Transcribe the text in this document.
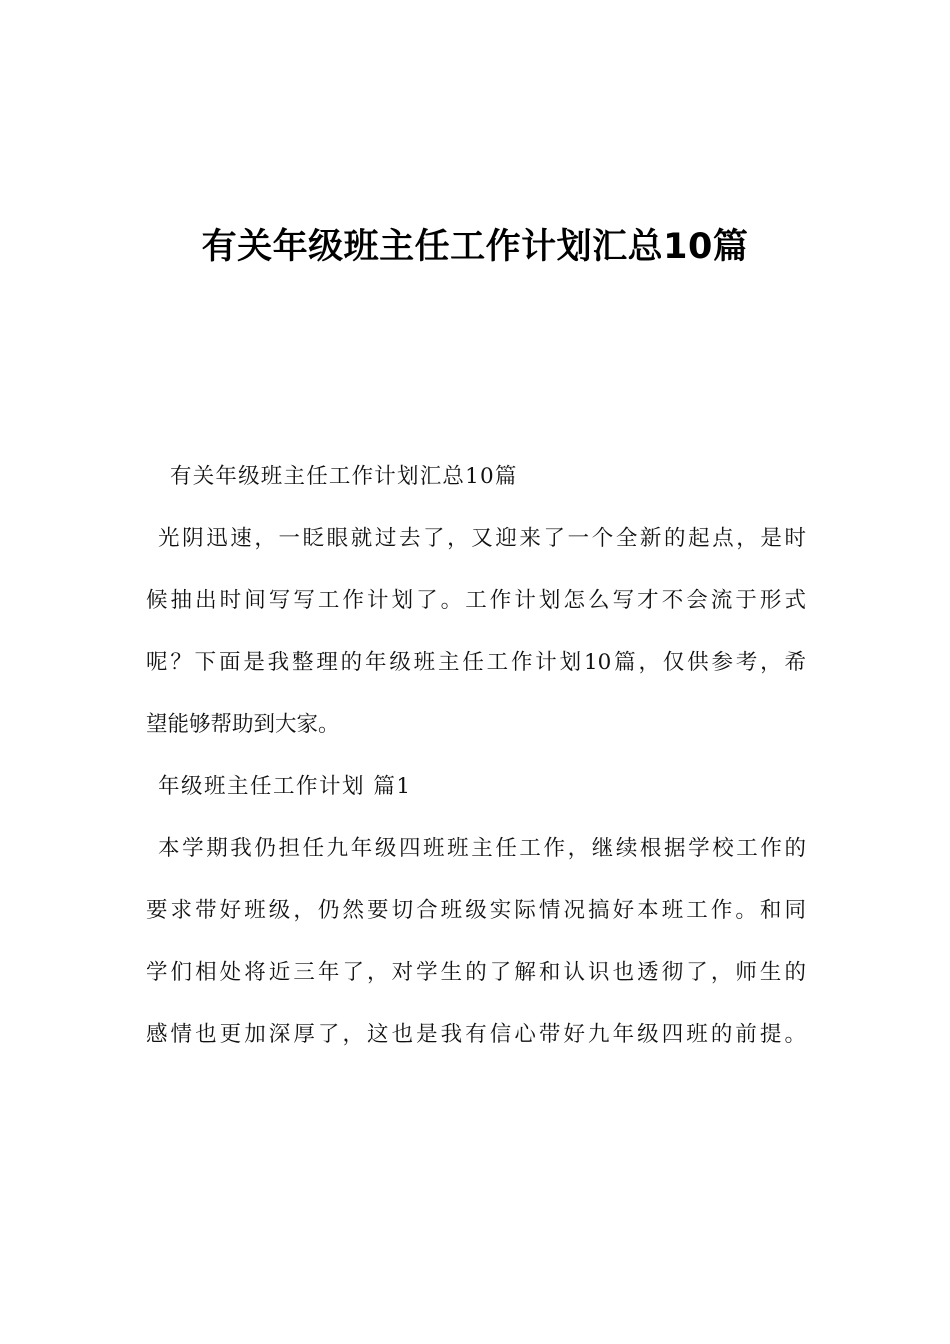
有关年级班主任工作计划汇总10篇
有关年级班主任工作计划汇总10篇
光阴迅速，一眨眼就过去了，又迎来了一个全新的起点，是时
候抽出时间写写工作计划了。工作计划怎么写才不会流于形式
呢？下面是我整理的年级班主任工作计划10篇，仅供参考，希
望能够帮助到大家。
年级班主任工作计划 篇1
本学期我仍担任九年级四班班主任工作，继续根据学校工作的
要求带好班级，仍然要切合班级实际情况搞好本班工作。和同
学们相处将近三年了，对学生的了解和认识也透彻了，师生的
感情也更加深厚了，这也是我有信心带好九年级四班的前提。
